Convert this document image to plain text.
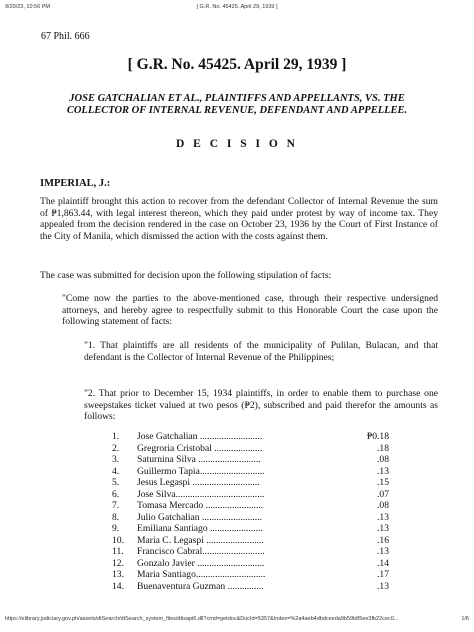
9/20/23, 10:56 PM	[ G.R. No. 45425. April 29, 1939 ]
67 Phil. 666
[ G.R. No. 45425. April 29, 1939 ]
JOSE GATCHALIAN ET AL., PLAINTIFFS AND APPELLANTS, VS. THE COLLECTOR OF INTERNAL REVENUE, DEFENDANT AND APPELLEE.
D E C I S I O N
IMPERIAL, J.:
The plaintiff brought this action to recover from the defendant Collector of Internal Revenue the sum of ₱1,863.44, with legal interest thereon, which they paid under protest by way of income tax. They appealed from the decision rendered in the case on October 23, 1936 by the Court of First Instance of the City of Manila, which dismissed the action with the costs against them.
The case was submitted for decision upon the following stipulation of facts:
"Come now the parties to the above-mentioned case, through their respective undersigned attorneys, and hereby agree to respectfully submit to this Honorable Court the case upon the following statement of facts:
"1. That plaintiffs are all residents of the municipality of Pulilan, Bulacan, and that defendant is the Collector of Internal Revenue of the Philippines;
"2. That prior to December 15, 1934 plaintiffs, in order to enable them to purchase one sweepstakes ticket valued at two pesos (₱2), subscribed and paid therefor the amounts as follows:
1.	Jose Gatchalian ..........................	₱0.18
2.	Gregroria Cristobal ....................	.18
3.	Saturnina Silva ..........................	.08
4.	Guillermo Tapia...........................	.13
5.	Jesus Legaspi ............................	.15
6.	Jose Silva.....................................	.07
7.	Tomasa Mercado ........................	.08
8.	Julio Gatchalian .........................	.13
9.	Emiliana Santiago ......................	.13
10.	Maria C. Legaspi ........................	.16
11.	Francisco Cabral..........................	.13
12.	Gonzalo Javier ............................	.14
13.	Maria Santiago.............................	.17
14.	Buenaventura Guzman ...............	.13
https://elibrary.judiciary.gov.ph/assets/dtSearch/dtSearch_system_files/dtisapi6.dll?cmd=getdoc&DocId=5357&Index=%2a4aeb4dbdceeda9b59b85ee3fb22cec0...	1/6
